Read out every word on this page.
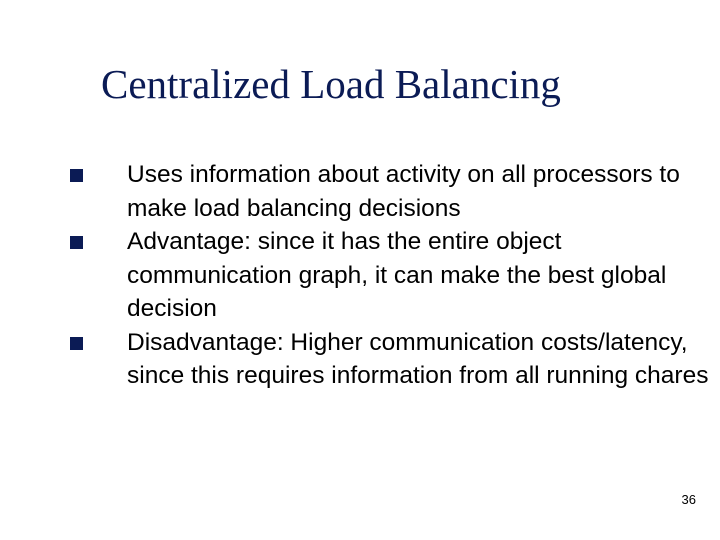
Centralized Load Balancing
Uses information about activity on all processors to make load balancing decisions
Advantage: since it has the entire object communication graph, it can make the best global decision
Disadvantage: Higher communication costs/latency, since this requires information from all running chares
36
